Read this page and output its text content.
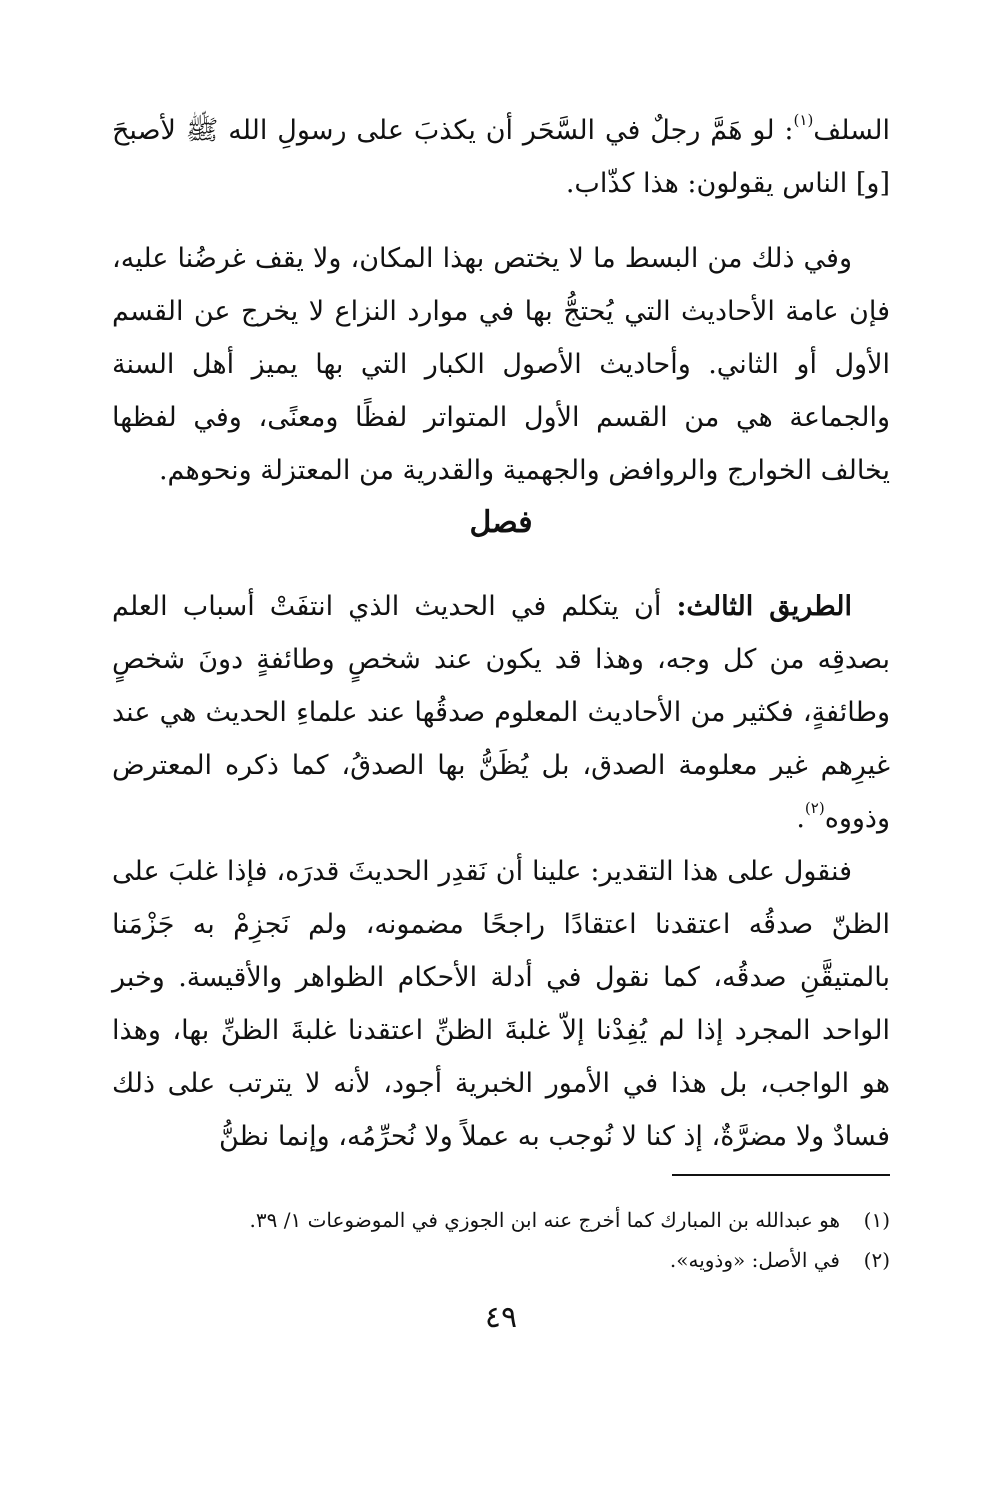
السلف$^{(١)}$: لو هَمَّ رجلٌ في السَّحَر أن يكذبَ على رسولِ الله ﷺ لأصبحَ [و] الناس يقولون: هذا كذّاب.

وفي ذلك من البسط ما لا يختص بهذا المكان، ولا يقف غرضُنا عليه، فإن عامة الأحاديث التي يُحتجُّ بها في موارد النزاع لا يخرج عن القسم الأول أو الثاني. وأحاديث الأصول الكبار التي بها يميز أهل السنة والجماعة هي من القسم الأول المتواتر لفظًا ومعنًى، وفي لفظها يخالف الخوارج والروافض والجهمية والقدرية من المعتزلة ونحوهم.

فصل

الطريق الثالث: أن يتكلم في الحديث الذي انتفَتْ أسباب العلم بصدقِه من كل وجه، وهذا قد يكون عند شخصٍ وطائفةٍ دونَ شخصٍ وطائفةٍ، فكثير من الأحاديث المعلوم صدقُها عند علماءِ الحديث هي عند غيرِهم غير معلومة الصدق، بل يُظَنُّ بها الصدقُ، كما ذكره المعترض وذووه$^{(٢)}$.

فنقول على هذا التقدير: علينا أن نَقدِر الحديثَ قدرَه، فإذا غلبَ على الظنّ صدقُه اعتقدنا اعتقادًا راجحًا مضمونه، ولم نَجزِمْ به جَزْمَنا بالمتيقَّنِ صدقُه، كما نقول في أدلة الأحكام الظواهر والأقيسة. وخبر الواحد المجرد إذا لم يُفِدْنا إلاّ غلبةَ الظنِّ اعتقدنا غلبةَ الظنِّ بها، وهذا هو الواجب، بل هذا في الأمور الخبرية أجود، لأنه لا يترتب على ذلك فسادٌ ولا مضرَّةٌ، إذ كنا لا نُوجب به عملاً ولا نُحرِّمُه، وإنما نظنُّ

(١)
هو عبدالله بن المبارك كما أخرج عنه ابن الجوزي في الموضوعات ١/ ٣٩.
(٢)
في الأصل: «وذويه».
٤٩
